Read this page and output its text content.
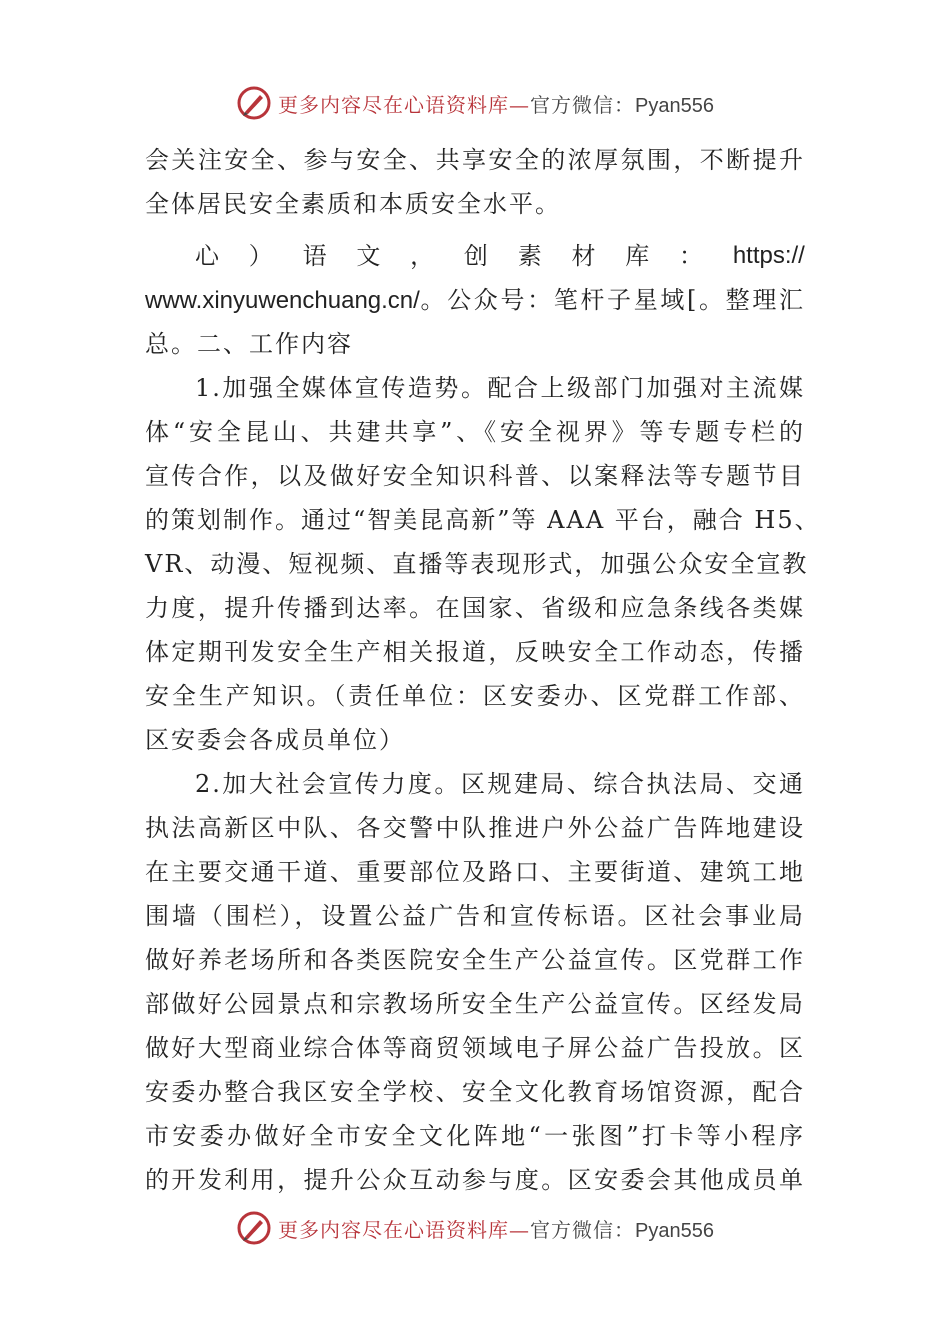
更多内容尽在心语资料库—官方微信：Pyan556
会关注安全、参与安全、共享安全的浓厚氛围，不断提升
全体居民安全素质和本质安全水平。
心 ） 语 文 ， 创 素 材 库 ： https://
www.xinyuwenchuang.cn/。公众号：笔杆子星域[。整理汇
总。二、工作内容
1.加强全媒体宣传造势。配合上级部门加强对主流媒
体“安全昆山、共建共享”、《安全视界》等专题专栏的
宣传合作，以及做好安全知识科普、以案释法等专题节目
的策划制作。通过“智美昆高新”等 AAA 平台，融合 H5、
VR、动漫、短视频、直播等表现形式，加强公众安全宣教
力度，提升传播到达率。在国家、省级和应急条线各类媒
体定期刊发安全生产相关报道，反映安全工作动态，传播
安全生产知识。（责任单位：区安委办、区党群工作部、
区安委会各成员单位）
2.加大社会宣传力度。区规建局、综合执法局、交通
执法高新区中队、各交警中队推进户外公益广告阵地建设
在主要交通干道、重要部位及路口、主要街道、建筑工地
围墙（围栏），设置公益广告和宣传标语。区社会事业局
做好养老场所和各类医院安全生产公益宣传。区党群工作
部做好公园景点和宗教场所安全生产公益宣传。区经发局
做好大型商业综合体等商贸领域电子屏公益广告投放。区
安委办整合我区安全学校、安全文化教育场馆资源，配合
市安委办做好全市安全文化阵地“一张图”打卡等小程序
的开发利用，提升公众互动参与度。区安委会其他成员单
更多内容尽在心语资料库—官方微信：Pyan556
